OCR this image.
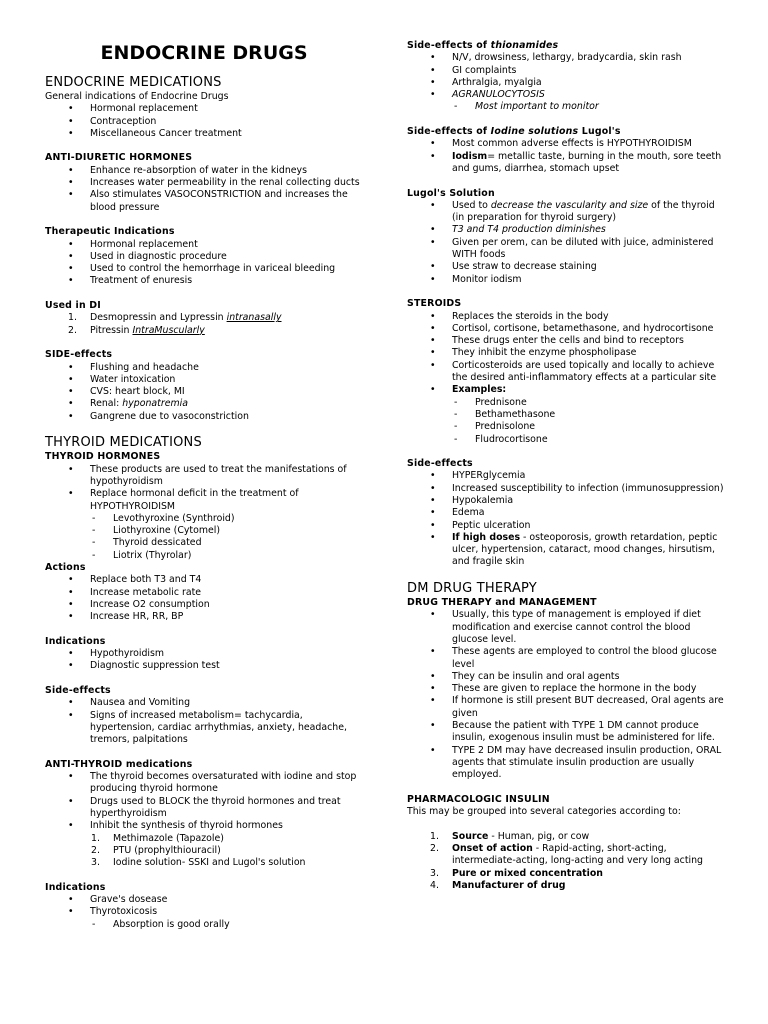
ENDOCRINE DRUGS
ENDOCRINE MEDICATIONS
General indications of Endocrine Drugs
• Hormonal replacement
• Contraception
• Miscellaneous Cancer treatment
ANTI-DIURETIC HORMONES
• Enhance re-absorption of water in the kidneys
• Increases water permeability in the renal collecting ducts
• Also stimulates VASOCONSTRICTION and increases the blood pressure
Therapeutic Indications
• Hormonal replacement
• Used in diagnostic procedure
• Used to control the hemorrhage in variceal bleeding
• Treatment of enuresis
Used in DI
1. Desmopressin and Lypressin intranasally
2. Pitressin IntraMuscularly
SIDE-effects
• Flushing and headache
• Water intoxication
• CVS: heart block, MI
• Renal: hyponatremia
• Gangrene due to vasoconstriction
THYROID MEDICATIONS
THYROID HORMONES
• These products are used to treat the manifestations of hypothyroidism
• Replace hormonal deficit in the treatment of HYPOTHYROIDISM
- Levothyroxine (Synthroid)
- Liothyroxine (Cytomel)
- Thyroid dessicated
- Liotrix (Thyrolar)
Actions
• Replace both T3 and T4
• Increase metabolic rate
• Increase O2 consumption
• Increase HR, RR, BP
Indications
• Hypothyroidism
• Diagnostic suppression test
Side-effects
• Nausea and Vomiting
• Signs of increased metabolism= tachycardia, hypertension, cardiac arrhythmias, anxiety, headache, tremors, palpitations
ANTI-THYROID medications
• The thyroid becomes oversaturated with iodine and stop producing thyroid hormone
• Drugs used to BLOCK the thyroid hormones and treat hyperthyroidism
• Inhibit the synthesis of thyroid hormones
1. Methimazole (Tapazole)
2. PTU (prophylthiouracil)
3. Iodine solution- SSKI and Lugol's solution
Indications
• Grave's dosease
• Thyrotoxicosis
- Absorption is good orally
Side-effects of thionamides
• N/V, drowsiness, lethargy, bradycardia, skin rash
• GI complaints
• Arthralgia, myalgia
• AGRANULOCYTOSIS
- Most important to monitor
Side-effects of Iodine solutions Lugol's
• Most common adverse effects is HYPOTHYROIDISM
• Iodism= metallic taste, burning in the mouth, sore teeth and gums, diarrhea, stomach upset
Lugol's Solution
• Used to decrease the vascularity and size of the thyroid (in preparation for thyroid surgery)
• T3 and T4 production diminishes
• Given per orem, can be diluted with juice, administered WITH foods
• Use straw to decrease staining
• Monitor iodism
STEROIDS
• Replaces the steroids in the body
• Cortisol, cortisone, betamethasone, and hydrocortisone
• These drugs enter the cells and bind to receptors
• They inhibit the enzyme phospholipase
• Corticosteroids are used topically and locally to achieve the desired anti-inflammatory effects at a particular site
• Examples:
- Prednisone
- Bethamethasone
- Prednisolone
- Fludrocortisone
Side-effects
• HYPERglycemia
• Increased susceptibility to infection (immunosuppression)
• Hypokalemia
• Edema
• Peptic ulceration
• If high doses - osteoporosis, growth retardation, peptic ulcer, hypertension, cataract, mood changes, hirsutism, and fragile skin
DM DRUG THERAPY
DRUG THERAPY and MANAGEMENT
• Usually, this type of management is employed if diet modification and exercise cannot control the blood glucose level.
• These agents are employed to control the blood glucose level
• They can be insulin and oral agents
• These are given to replace the hormone in the body
• If hormone is still present BUT decreased, Oral agents are given
• Because the patient with TYPE 1 DM cannot produce insulin, exogenous insulin must be administered for life.
• TYPE 2 DM may have decreased insulin production, ORAL agents that stimulate insulin production are usually employed.
PHARMACOLOGIC INSULIN
This may be grouped into several categories according to:
1. Source - Human, pig, or cow
2. Onset of action - Rapid-acting, short-acting, intermediate-acting, long-acting and very long acting
3. Pure or mixed concentration
4. Manufacturer of drug
